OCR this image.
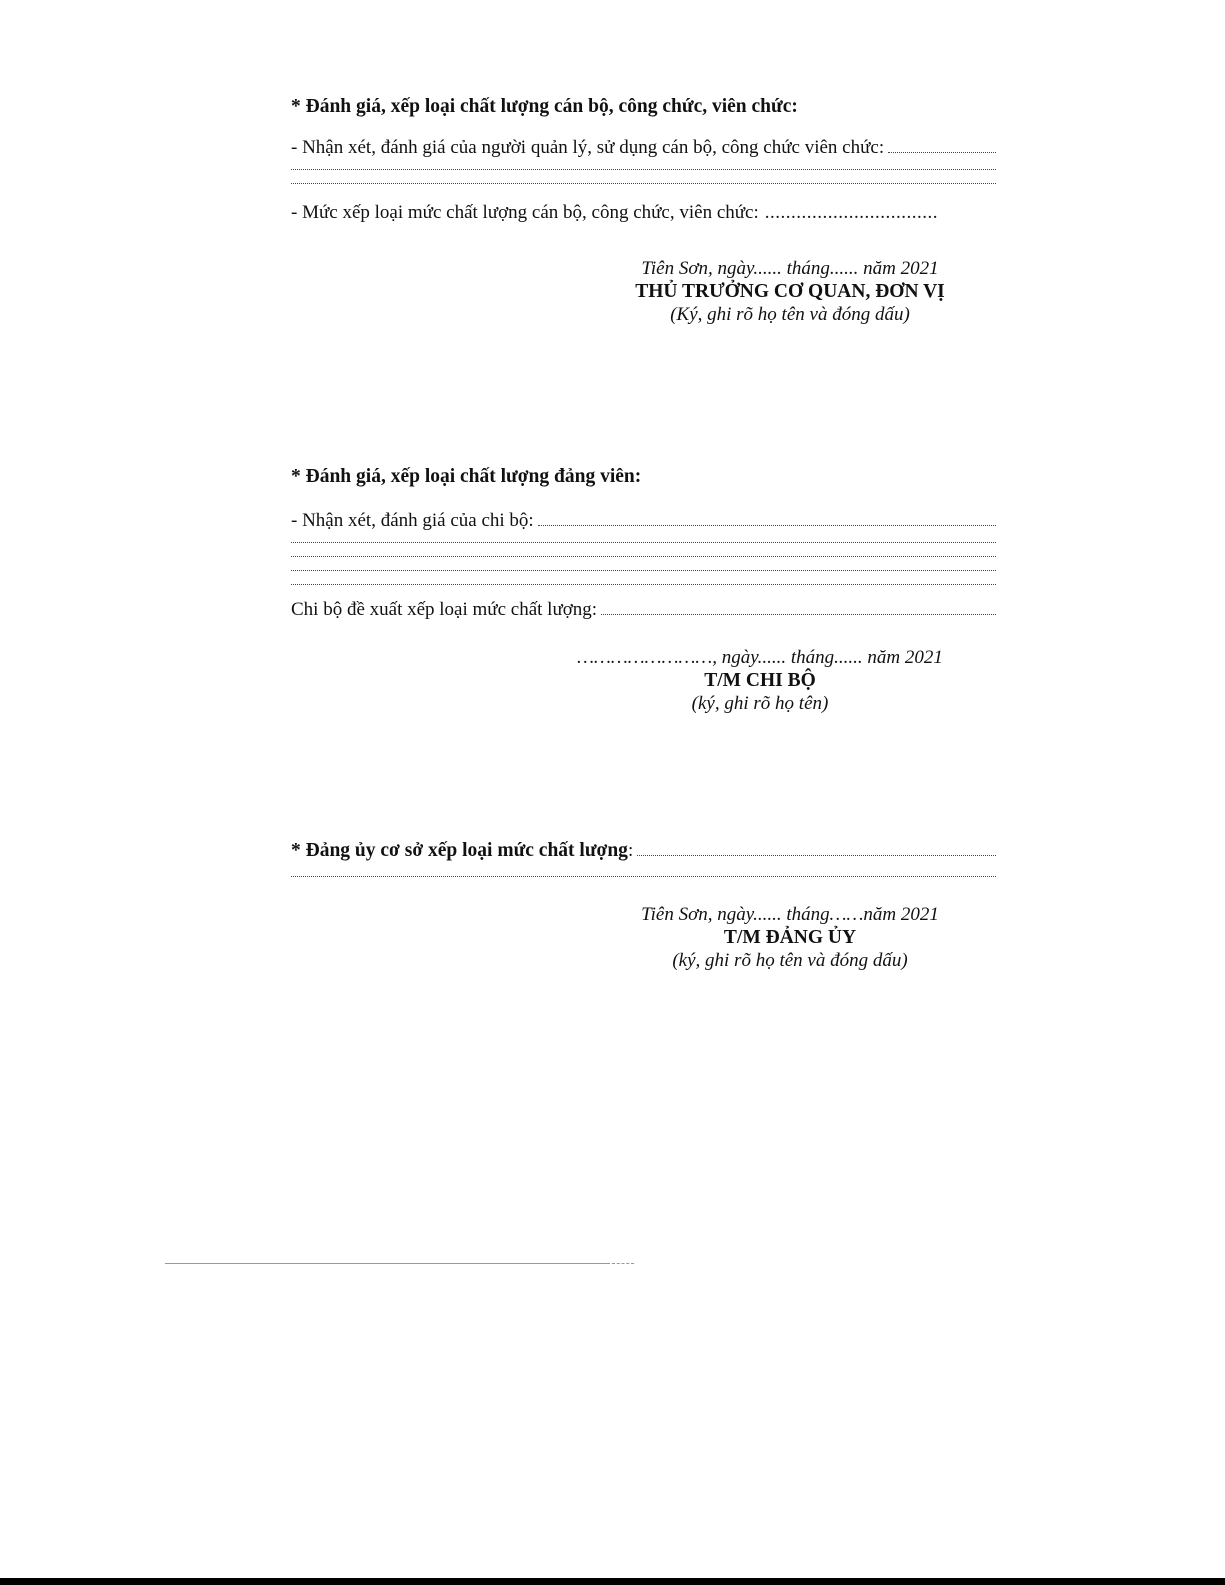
* Đánh giá, xếp loại chất lượng cán bộ, công chức, viên chức:
- Nhận xét, đánh giá của người quản lý, sử dụng cán bộ, công chức viên chức:
- Mức xếp loại mức chất lượng cán bộ, công chức, viên chức: .................................
Tiên Sơn, ngày...... tháng...... năm 2021
THỦ TRƯỞNG CƠ QUAN, ĐƠN VỊ
(Ký, ghi rõ họ tên và đóng dấu)
* Đánh giá, xếp loại chất lượng đảng viên:
- Nhận xét, đánh giá của chi bộ:
Chi bộ đề xuất xếp loại mức chất lượng:
……………………, ngày...... tháng...... năm 2021
T/M CHI BỘ
(ký, ghi rõ họ tên)
* Đảng ủy cơ sở xếp loại mức chất lượng :
Tiên Sơn, ngày...... tháng……năm 2021
T/M ĐẢNG ỦY
(ký, ghi rõ họ tên và đóng dấu)
